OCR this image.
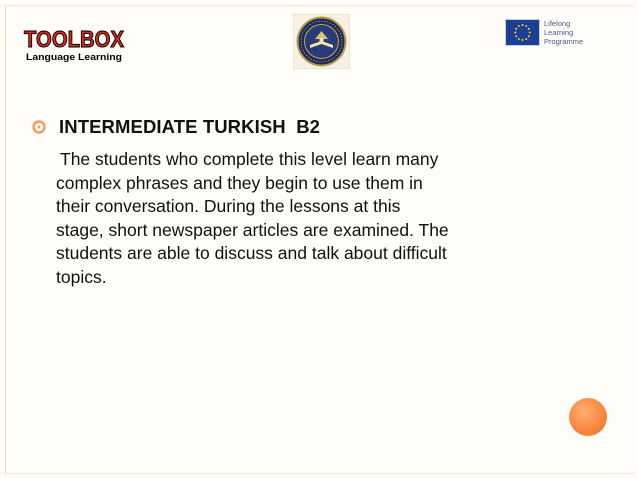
TOOLBOX
Language Learning
Lifelong
Learning
Programme
INTERMEDIATE TURKISH  B2
The students who complete this level learn many
complex phrases and they begin to use them in
their conversation. During the lessons at this
stage, short newspaper articles are examined. The
students are able to discuss and talk about difficult
topics.
